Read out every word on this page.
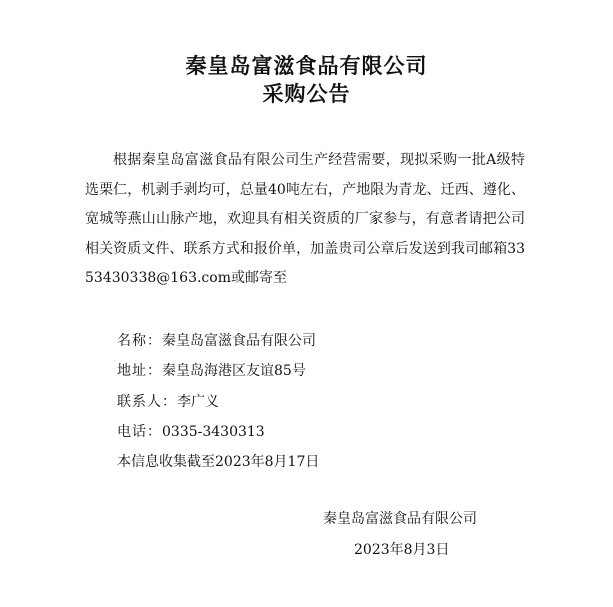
秦皇岛富滋食品有限公司
采购公告
根据秦皇岛富滋食品有限公司生产经营需要，现拟采购一批A级特选栗仁，机剥手剥均可，总量40吨左右，产地限为青龙、迁西、遵化、宽城等燕山山脉产地，欢迎具有相关资质的厂家参与，有意者请把公司相关资质文件、联系方式和报价单，加盖贵司公章后发送到我司邮箱3353430338@163.com或邮寄至
名称：秦皇岛富滋食品有限公司
地址：秦皇岛海港区友谊85号
联系人：李广义
电话：0335-3430313
本信息收集截至2023年8月17日
秦皇岛富滋食品有限公司
2023年8月3日
